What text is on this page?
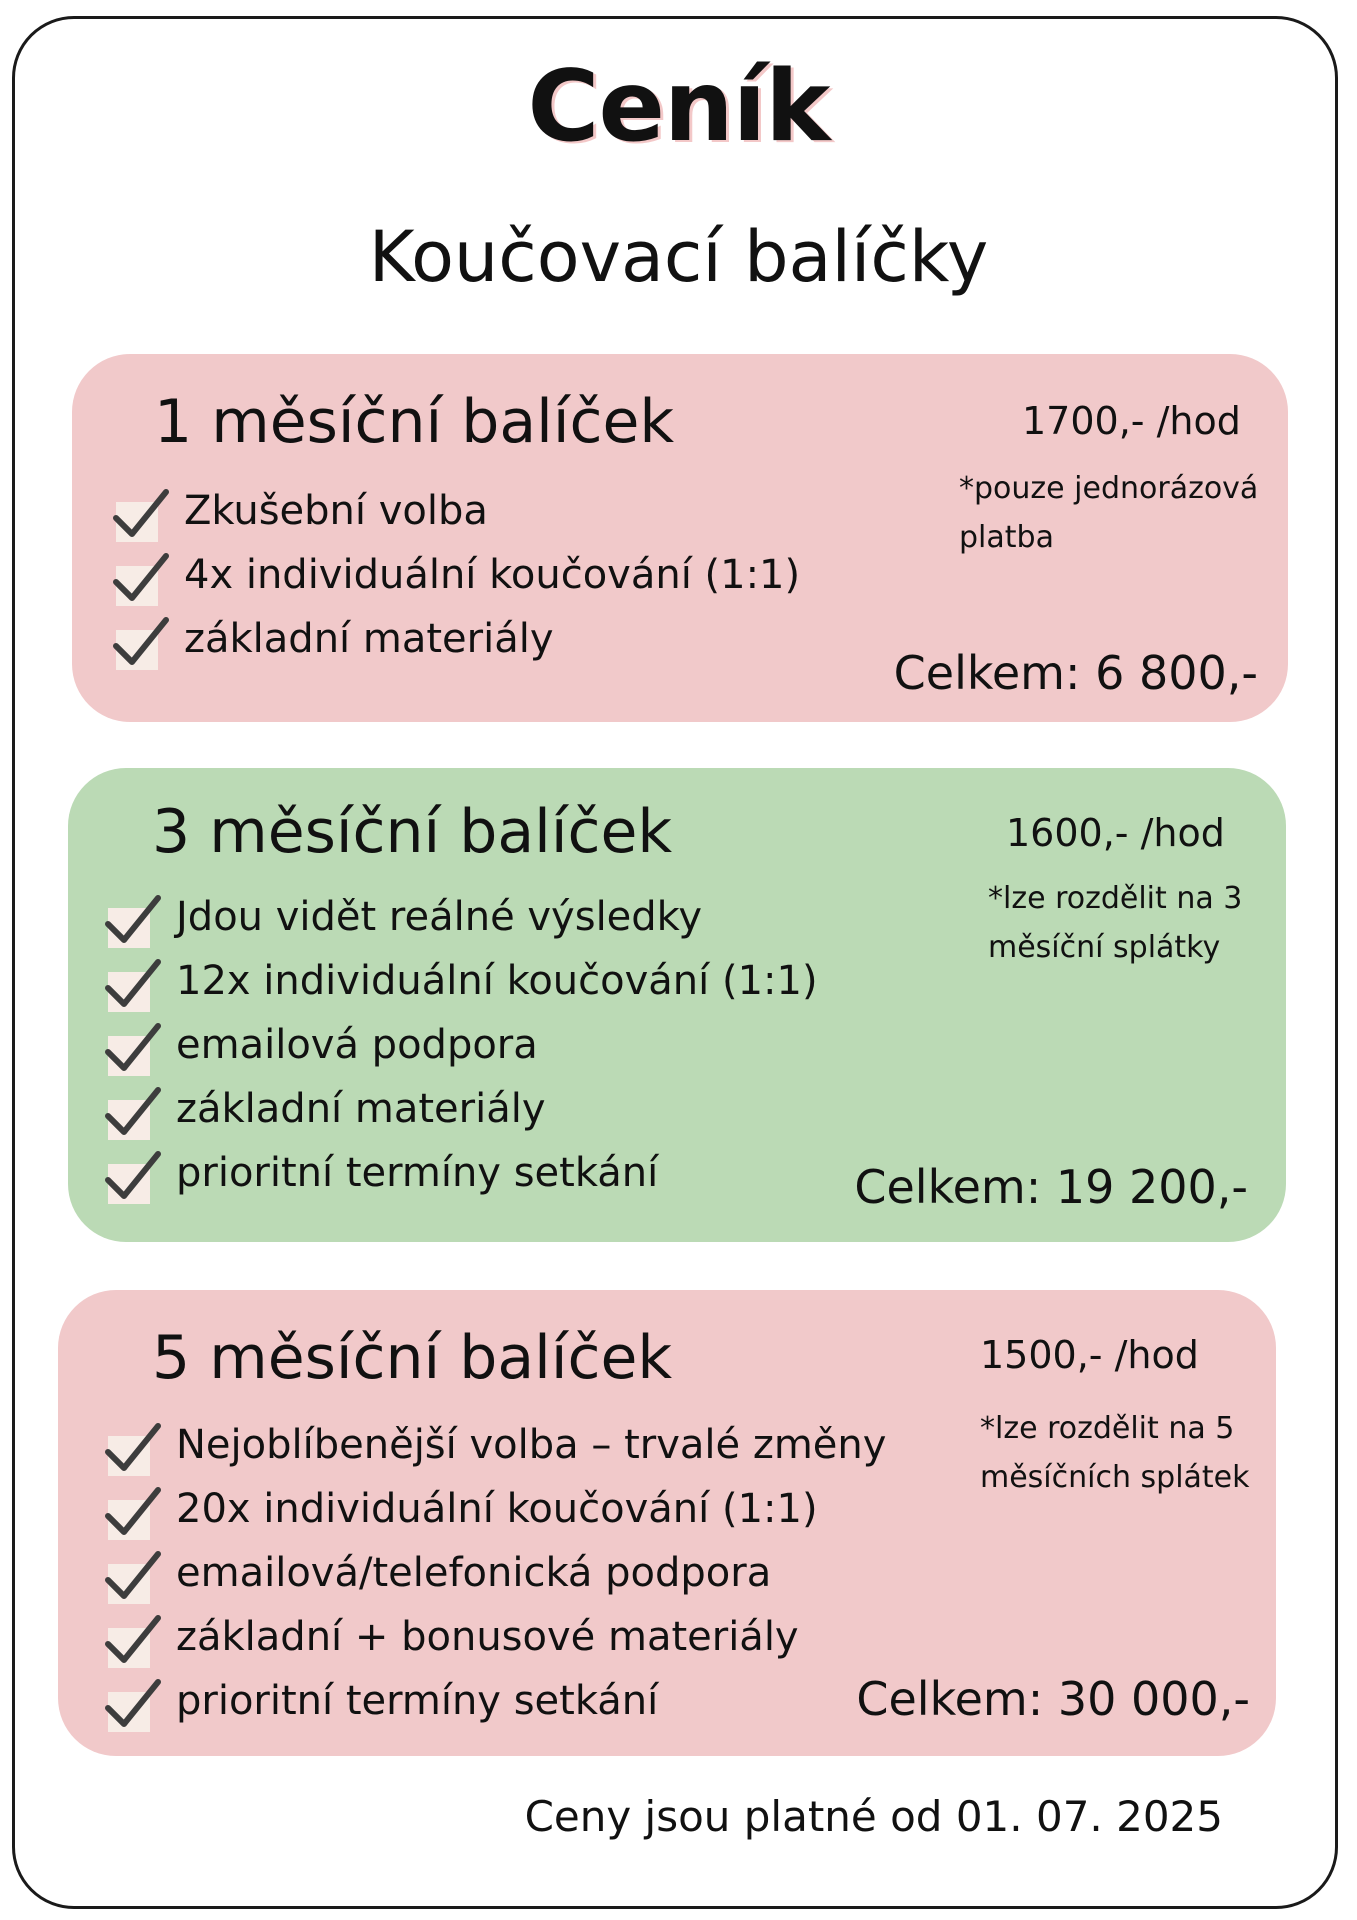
Ceník
Koučovací balíčky
1 měsíční balíček	1700,- /hod
*pouze jednorázová
platba
Zkušební volba
4x individuální koučování (1:1)
základní materiály
Celkem: 6 800,-
3 měsíční balíček	1600,- /hod
*lze rozdělit na 3
měsíční splátky
Jdou vidět reálné výsledky
12x individuální koučování (1:1)
emailová podpora
základní materiály
prioritní termíny setkání	Celkem: 19 200,-
5 měsíční balíček	1500,- /hod
*lze rozdělit na 5
měsíčních splátek
Nejoblíbenější volba – trvalé změny
20x individuální koučování (1:1)
emailová/telefonická podpora
základní + bonusové materiály
prioritní termíny setkání	Celkem: 30 000,-
Ceny jsou platné od 01. 07. 2025
